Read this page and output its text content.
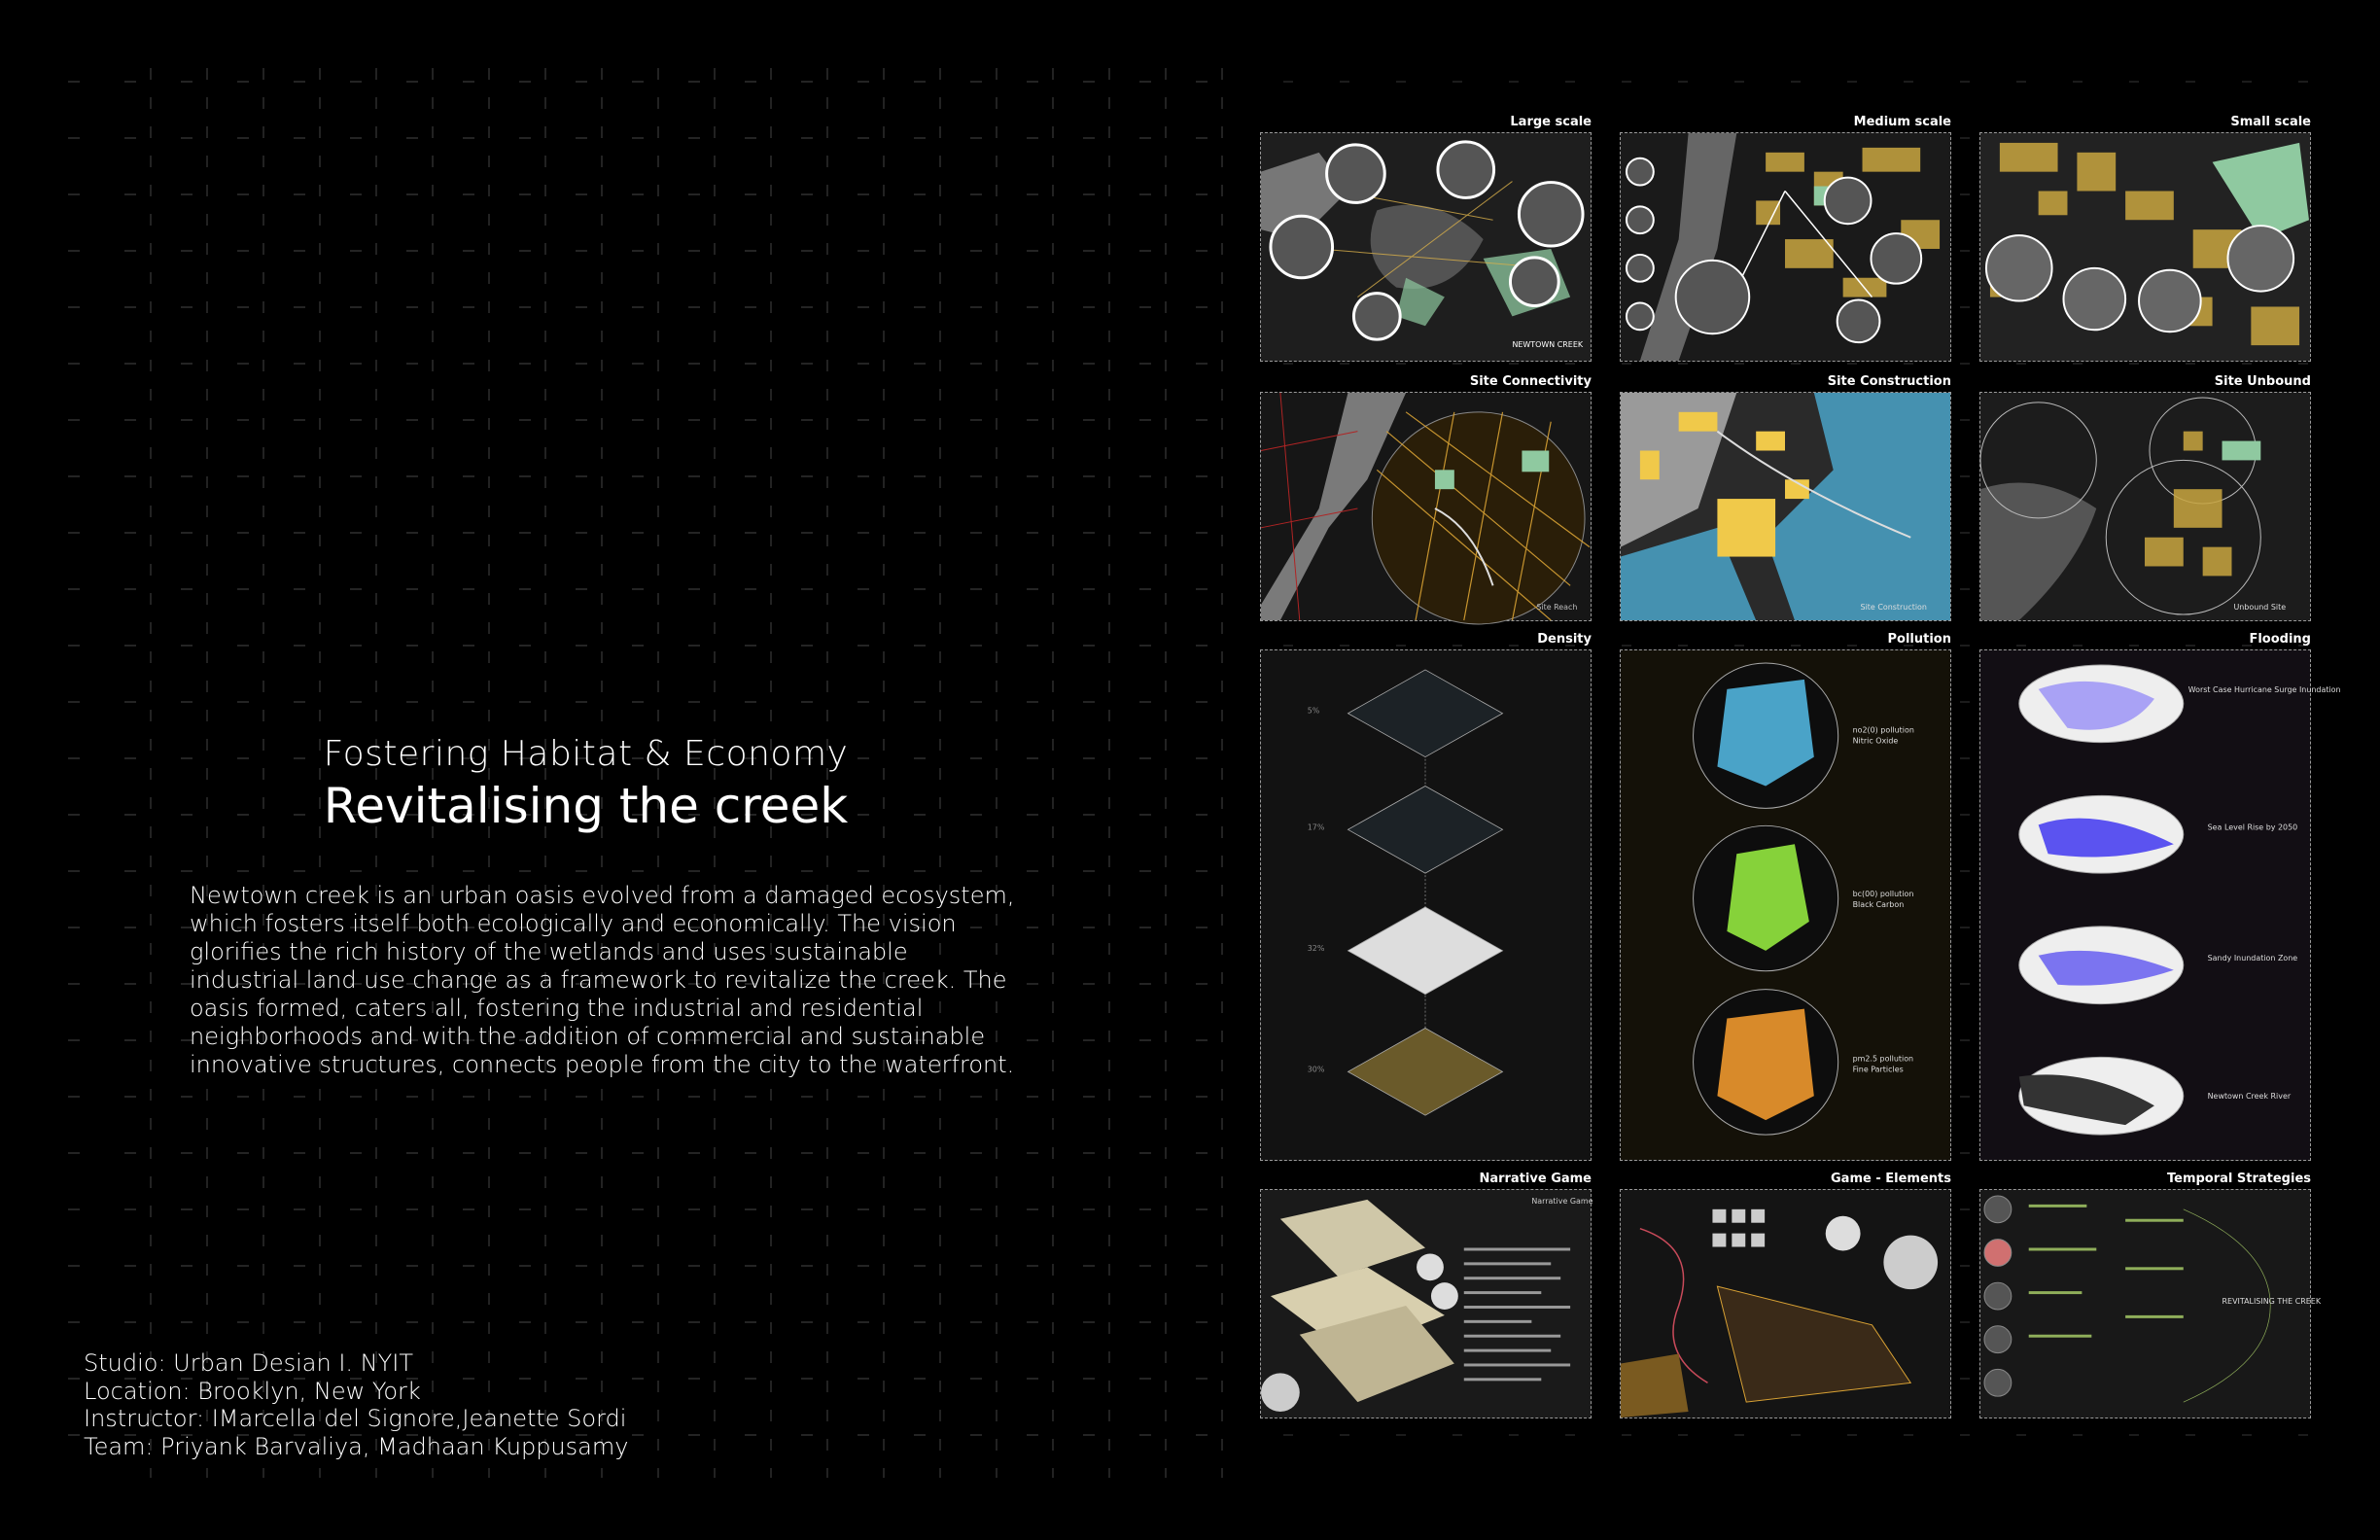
Fostering Habitat & Economy
Revitalising the creek

Newtown creek is an urban oasis evolved from a damaged ecosystem, which fosters itself both ecologically and economically. The vision glorifies the rich history of the wetlands and uses sustainable industrial land use change as a framework to revitalize the creek. The oasis formed, caters all, fostering the industrial and residential neighborhoods and with the addition of commercial and sustainable innovative structures, connects people from the city to the waterfront.

Studio: Urban Desian I. NYIT
Location: Brooklyn, New York
Instructor: IMarcella del Signore,Jeanette Sordi
Team: Priyank Barvaliya, Madhaan Kuppusamy
Large scale
NEWTOWN CREEK
Medium scale	Small scale
Site Connectivity
Site Reach
Site Construction
Site Construction
Site Unbound
Unbound Site
Density
5%
17%
32%
30%
Pollution
no2(0) pollution
Nitric Oxide
bc(00) pollution
Black Carbon
pm2.5 pollution
Fine Particles
Flooding
Worst Case Hurricane Surge Inundation
Sea Level Rise by 2050
Sandy Inundation Zone
Newtown Creek River
Narrative Game
Narrative Game
Game - Elements	Temporal Strategies
REVITALISING THE CREEK
